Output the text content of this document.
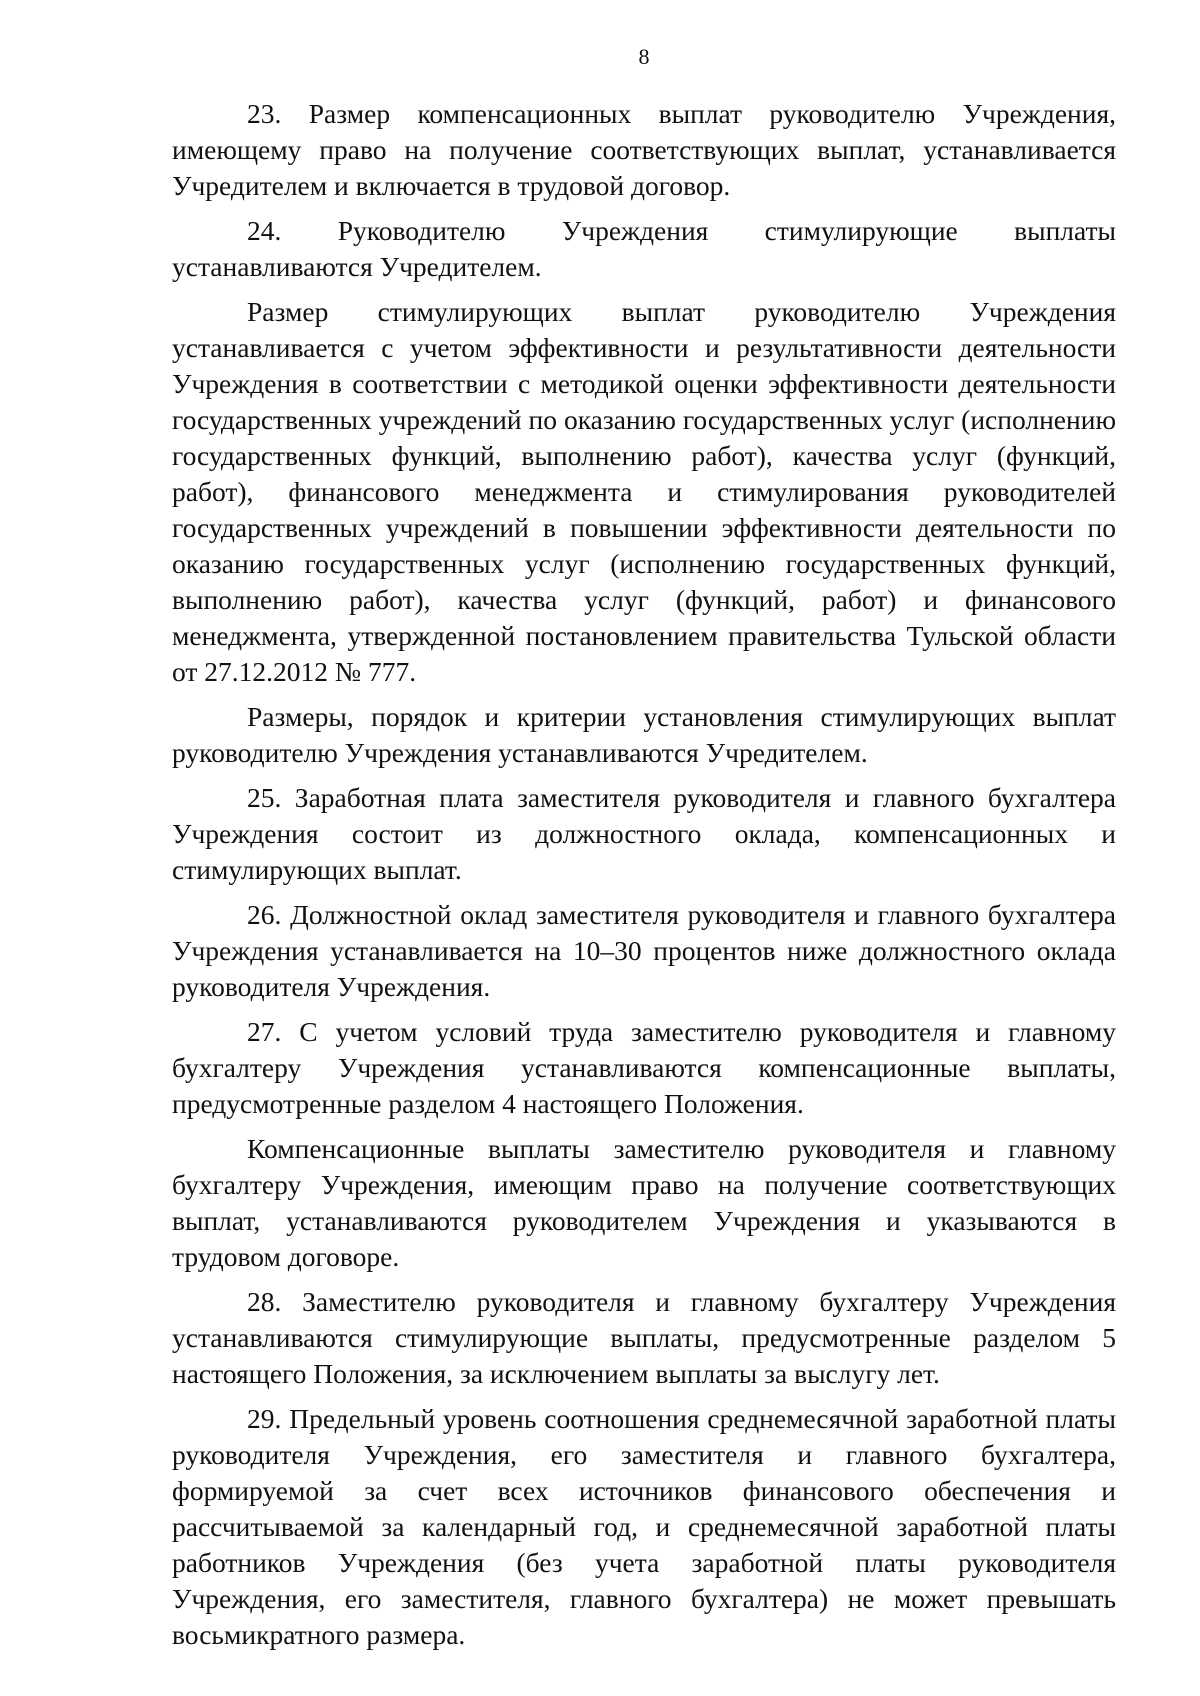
8

23. Размер компенсационных выплат руководителю Учреждения, имеющему право на получение соответствующих выплат, устанавливается Учредителем и включается в трудовой договор.

24. Руководителю Учреждения стимулирующие выплаты устанавливаются Учредителем.

Размер стимулирующих выплат руководителю Учреждения устанавливается с учетом эффективности и результативности деятельности Учреждения в соответствии с методикой оценки эффективности деятельности государственных учреждений по оказанию государственных услуг (исполнению государственных функций, выполнению работ), качества услуг (функций, работ), финансового менеджмента и стимулирования руководителей государственных учреждений в повышении эффективности деятельности по оказанию государственных услуг (исполнению государственных функций, выполнению работ), качества услуг (функций, работ) и финансового менеджмента, утвержденной постановлением правительства Тульской области от 27.12.2012 № 777.

Размеры, порядок и критерии установления стимулирующих выплат руководителю Учреждения устанавливаются Учредителем.

25. Заработная плата заместителя руководителя и главного бухгалтера Учреждения состоит из должностного оклада, компенсационных и стимулирующих выплат.

26. Должностной оклад заместителя руководителя и главного бухгалтера Учреждения устанавливается на 10–30 процентов ниже должностного оклада руководителя Учреждения.

27. С учетом условий труда заместителю руководителя и главному бухгалтеру Учреждения устанавливаются компенсационные выплаты, предусмотренные разделом 4 настоящего Положения.

Компенсационные выплаты заместителю руководителя и главному бухгалтеру Учреждения, имеющим право на получение соответствующих выплат, устанавливаются руководителем Учреждения и указываются в трудовом договоре.

28. Заместителю руководителя и главному бухгалтеру Учреждения устанавливаются стимулирующие выплаты, предусмотренные разделом 5 настоящего Положения, за исключением выплаты за выслугу лет.

29. Предельный уровень соотношения среднемесячной заработной платы руководителя Учреждения, его заместителя и главного бухгалтера, формируемой за счет всех источников финансового обеспечения и рассчитываемой за календарный год, и среднемесячной заработной платы работников Учреждения (без учета заработной платы руководителя Учреждения, его заместителя, главного бухгалтера) не может превышать восьмикратного размера.
